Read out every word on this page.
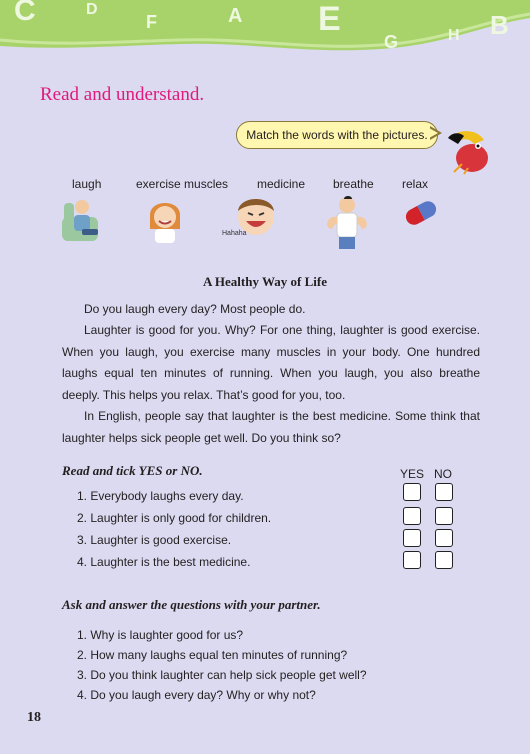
C	D
F	A E
G	H B
Read and understand.
Match the words with the pictures.
laugh	exercise muscles medicine breathe relax
Hahaha
A Healthy Way of Life
Do you laugh every day? Most people do.
Laughter is good for you. Why? For one thing, laughter is good exercise. When you laugh, you exercise many muscles in your body. One hundred laughs equal ten minutes of running. When you laugh, you also breathe deeply. This helps you relax. That’s good for you, too.
In English, people say that laughter is the best medicine. Some think that laughter helps sick people get well. Do you think so?
Read and tick YES or NO.	YES NO
1. Everybody laughs every day.
2. Laughter is only good for children.
3. Laughter is good exercise.
4. Laughter is the best medicine.
Ask and answer the questions with your partner.
1. Why is laughter good for us?
2. How many laughs equal ten minutes of running?
3. Do you think laughter can help sick people get well?
4. Do you laugh every day? Why or why not?
18
